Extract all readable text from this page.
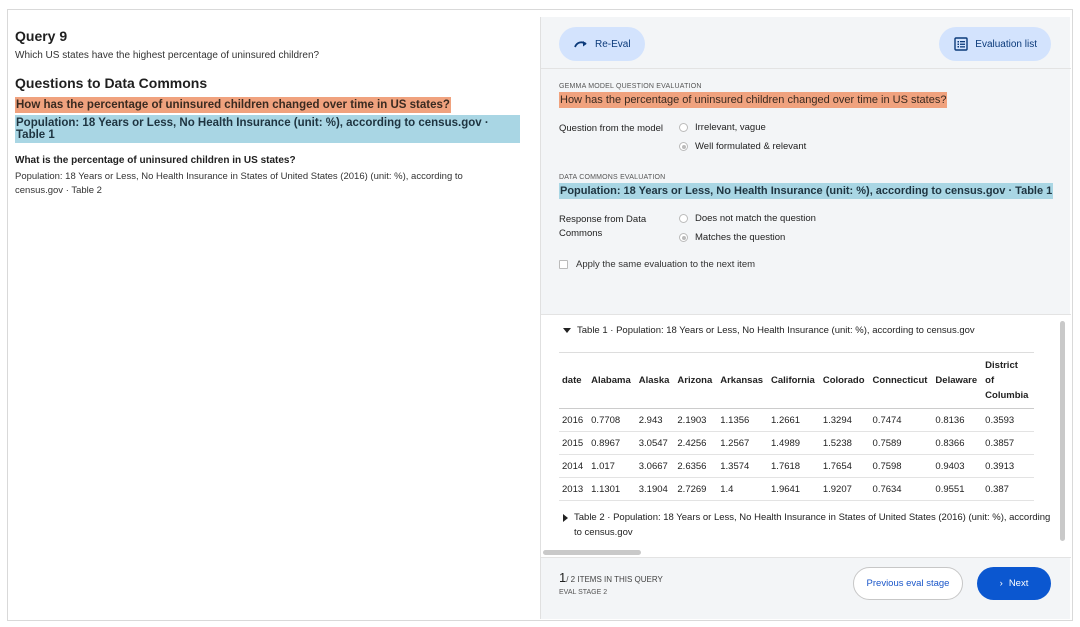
Query 9
Which US states have the highest percentage of uninsured children?
Questions to Data Commons
How has the percentage of uninsured children changed over time in US states?
Population: 18 Years or Less, No Health Insurance (unit: %), according to census.gov · Table 1
What is the percentage of uninsured children in US states?
Population: 18 Years or Less, No Health Insurance in States of United States (2016) (unit: %), according to census.gov · Table 2
Re-Eval	Evaluation list
GEMMA MODEL QUESTION EVALUATION
How has the percentage of uninsured children changed over time in US states?
Question from the model	Irrelevant, vague
Well formulated & relevant
DATA COMMONS EVALUATION
Population: 18 Years or Less, No Health Insurance (unit: %), according to census.gov · Table 1
Response from Data Commons
Does not match the question
Matches the question
Apply the same evaluation to the next item
Table 1 · Population: 18 Years or Less, No Health Insurance (unit: %), according to census.gov
date	Alabama	Alaska	Arizona	Arkansas	California	Colorado	Connecticut	Delaware	District of Columbia
2016	0.7708	2.943	2.1903	1.1356	1.2661	1.3294	0.7474	0.8136	0.3593
2015	0.8967	3.0547	2.4256	1.2567	1.4989	1.5238	0.7589	0.8366	0.3857
2014	1.017	3.0667	2.6356	1.3574	1.7618	1.7654	0.7598	0.9403	0.3913
2013	1.1301	3.1904	2.7269	1.4	1.9641	1.9207	0.7634	0.9551	0.387
Table 2 · Population: 18 Years or Less, No Health Insurance in States of United States (2016) (unit: %), according to census.gov
1/ 2 ITEMS IN THIS QUERY
EVAL STAGE 2
Previous eval stage	› Next
